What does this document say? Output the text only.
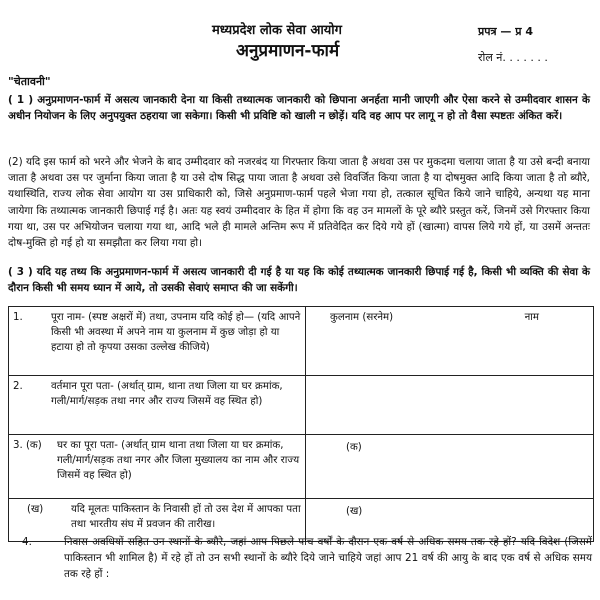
मध्यप्रदेश लोक सेवा आयोग
अनुप्रमाणन-फार्म
प्रपत्र — प्र 4
रोल नं. . . . . . .
"चेतावनी"
( 1 ) अनुप्रमाणन-फार्म में असत्य जानकारी देना या किसी तथ्यात्मक जानकारी को छिपाना अनर्हता मानी जाएगी और ऐसा करने से उम्मीदवार शासन के अधीन नियोजन के लिए अनुपयुक्त ठहराया जा सकेगा। किसी भी प्रविष्टि को खाली न छोड़ें। यदि वह आप पर लागू न हो तो वैसा स्पष्टतः अंकित करें।
(2) यदि इस फार्म को भरने और भेजने के बाद उम्मीदवार को नजरबंद या गिरफ्तार किया जाता है अथवा उस पर मुकदमा चलाया जाता है या उसे बन्दी बनाया जाता है अथवा उस पर जुर्माना किया जाता है या उसे दोष सिद्ध पाया जाता है अथवा उसे विवर्जित किया जाता है या दोषमुक्त आदि किया जाता है तो ब्यौरे, यथास्थिति, राज्य लोक सेवा आयोग या उस प्राधिकारी को, जिसे अनुप्रमाण-फार्म पहले भेजा गया हो, तत्काल सूचित किये जाने चाहिये, अन्यथा यह माना जायेगा कि तथ्यात्मक जानकारी छिपाई गई है। अतः यह स्वयं उम्मीदवार के हित में होगा कि वह उन मामलों के पूरे ब्यौरे प्रस्तुत करें, जिनमें उसे गिरफ्तार किया गया था, उस पर अभियोजन चलाया गया था, आदि भले ही मामले अन्तिम रूप में प्रतिवेदित कर दिये गये हों (खात्मा) वापस लिये गये हों, या उसमें अन्ततः दोष-मुक्ति हो गई हो या समझौता कर लिया गया हो।
( 3 ) यदि यह तथ्य कि अनुप्रमाणन-फार्म में असत्य जानकारी दी गई है या यह कि कोई तथ्यात्मक जानकारी छिपाई गई है, किसी भी व्यक्ति की सेवा के दौरान किसी भी समय ध्यान में आये, तो उसकी सेवाएं समाप्त की जा सकेंगी।
1. पूरा नाम- (स्पष्ट अक्षरों में) तथा, उपनाम यदि कोई हो— (यदि आपने किसी भी अवस्था में अपने नाम या कुलनाम में कुछ जोड़ा हो या हटाया हो तो कृपया उसका उल्लेख कीजिये)	कुलनाम (सरनेम) नाम

2. वर्तमान पूरा पता- (अर्थात् ग्राम, थाना तथा जिला या घर क्रमांक, गली/मार्ग/सड़क तथा नगर और राज्य जिसमें वह स्थित हो)	

3. (क) घर का पूरा पता- (अर्थात् ग्राम थाना तथा जिला या घर क्रमांक, गली/मार्ग/सड़क तथा नगर और जिला मुख्यालय का नाम और राज्य जिसमें वह स्थित हो)	(क)

(ख) यदि मूलतः पाकिस्तान के निवासी हों तो उस देश में आपका पता तथा भारतीय संघ में प्रवजन की तारीख।	(ख)
4.	निवास अवधियों सहित उन स्थानों के ब्यौरे, जहां आप पिछले पांच वर्षों के दौरान एक वर्ष से अधिक समय तक रहे हों? यदि विदेश (जिसमें पाकिस्तान भी शामिल है) में रहे हों तो उन सभी स्थानों के ब्यौरे दिये जाने चाहिये जहां आप 21 वर्ष की आयु के बाद एक वर्ष से अधिक समय तक रहे हों :
